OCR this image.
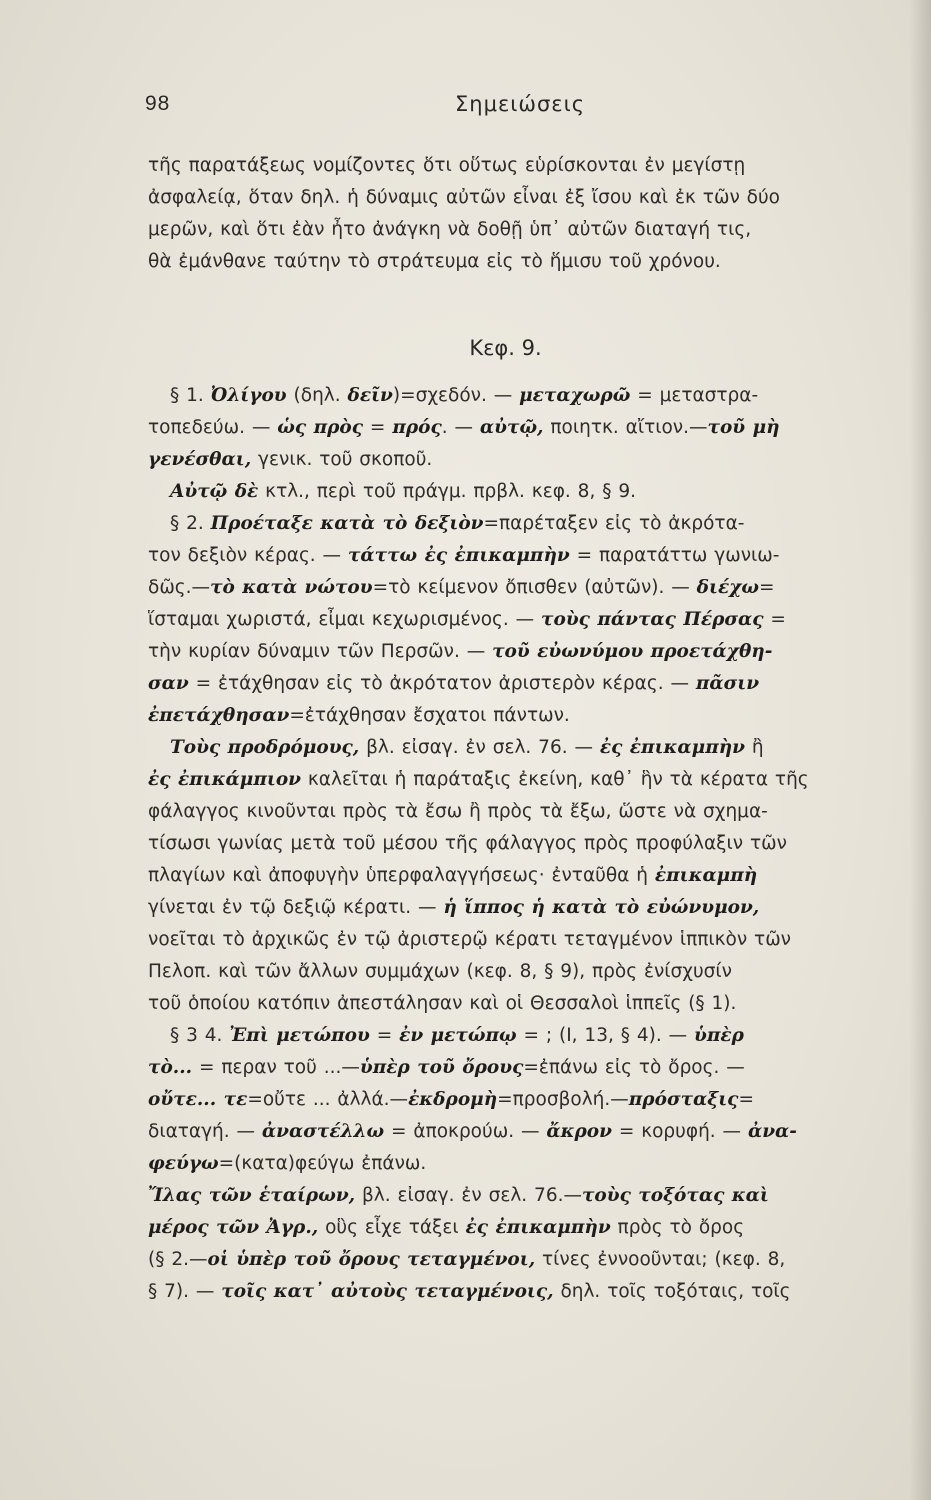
98	Σημειώσεις
τῆς παρατάξεως νομίζοντες ὅτι οὕτως εὑρίσκονται ἐν μεγίστῃ
ἀσφαλείᾳ, ὅταν δηλ. ἡ δύναμις αὐτῶν εἶναι ἐξ ἴσου καὶ ἐκ τῶν δύο
μερῶν, καὶ ὅτι ἐὰν ἦτο ἀνάγκη νὰ δοθῇ ὑπ᾽ αὐτῶν διαταγή τις,
θὰ ἐμάνθανε ταύτην τὸ στράτευμα εἰς τὸ ἥμισυ τοῦ χρόνου.
Κεφ. 9.
§ 1. Ὀλίγου (δηλ. δεῖν)=σχεδόν. — μεταχωρῶ = μεταστρα-
τοπεδεύω. — ὡς πρὸς = πρός. — αὐτῷ, ποιητκ. αἴτιον.—τοῦ μὴ
γενέσθαι, γενικ. τοῦ σκοποῦ.
Αὐτῷ δὲ κτλ., περὶ τοῦ πράγμ. πρβλ. κεφ. 8, § 9.
§ 2. Προέταξε κατὰ τὸ δεξιὸν=παρέταξεν εἰς τὸ ἀκρότα-
τον δεξιὸν κέρας. — τάττω ἐς ἐπικαμπὴν = παρατάττω γωνιω-
δῶς.—τὸ κατὰ νώτου=τὸ κείμενον ὄπισθεν (αὐτῶν). — διέχω=
ἵσταμαι χωριστά, εἶμαι κεχωρισμένος. — τοὺς πάντας Πέρσας =
τὴν κυρίαν δύναμιν τῶν Περσῶν. — τοῦ εὐωνύμου προετάχθη-
σαν = ἐτάχθησαν εἰς τὸ ἀκρότατον ἀριστερὸν κέρας. — πᾶσιν
ἐπετάχθησαν=ἐτάχθησαν ἔσχατοι πάντων.
Τοὺς προδρόμους, βλ. εἰσαγ. ἐν σελ. 76. — ἐς ἐπικαμπὴν ἢ
ἐς ἐπικάμπιον καλεῖται ἡ παράταξις ἐκείνη, καθ᾽ ἣν τὰ κέρατα τῆς
φάλαγγος κινοῦνται πρὸς τὰ ἔσω ἢ πρὸς τὰ ἔξω, ὥστε νὰ σχημα-
τίσωσι γωνίας μετὰ τοῦ μέσου τῆς φάλαγγος πρὸς προφύλαξιν τῶν
πλαγίων καὶ ἀποφυγὴν ὑπερφαλαγγήσεως· ἐνταῦθα ἡ ἐπικαμπὴ
γίνεται ἐν τῷ δεξιῷ κέρατι. — ἡ ἵππος ἡ κατὰ τὸ εὐώνυμον,
νοεῖται τὸ ἀρχικῶς ἐν τῷ ἀριστερῷ κέρατι τεταγμένον ἱππικὸν τῶν
Πελοπ. καὶ τῶν ἄλλων συμμάχων (κεφ. 8, § 9), πρὸς ἐνίσχυσίν
τοῦ ὁποίου κατόπιν ἀπεστάλησαν καὶ οἱ Θεσσαλοὶ ἱππεῖς (§ 1).
§ 3 4. Ἐπὶ μετώπου = ἐν μετώπῳ = ; (I, 13, § 4). — ὑπὲρ
τὸ... = περαν τοῦ ...—ὑπὲρ τοῦ ὄρους=ἐπάνω εἰς τὸ ὄρος. —
οὔτε... τε=οὔτε ... ἀλλά.—ἐκδρομὴ=προσβολή.—πρόσταξις=
διαταγή. — ἀναστέλλω = ἀποκρούω. — ἄκρον = κορυφή. — ἀνα-
φεύγω=(κατα)φεύγω ἐπάνω.
Ἴλας τῶν ἑταίρων, βλ. εἰσαγ. ἐν σελ. 76.—τοὺς τοξότας καὶ
μέρος τῶν Ἀγρ., οὓς εἶχε τάξει ἐς ἐπικαμπὴν πρὸς τὸ ὄρος
(§ 2.—οἱ ὑπὲρ τοῦ ὄρους τεταγμένοι, τίνες ἐννοοῦνται; (κεφ. 8,
§ 7). — τοῖς κατ᾽ αὐτοὺς τεταγμένοις, δηλ. τοῖς τοξόταις, τοῖς
